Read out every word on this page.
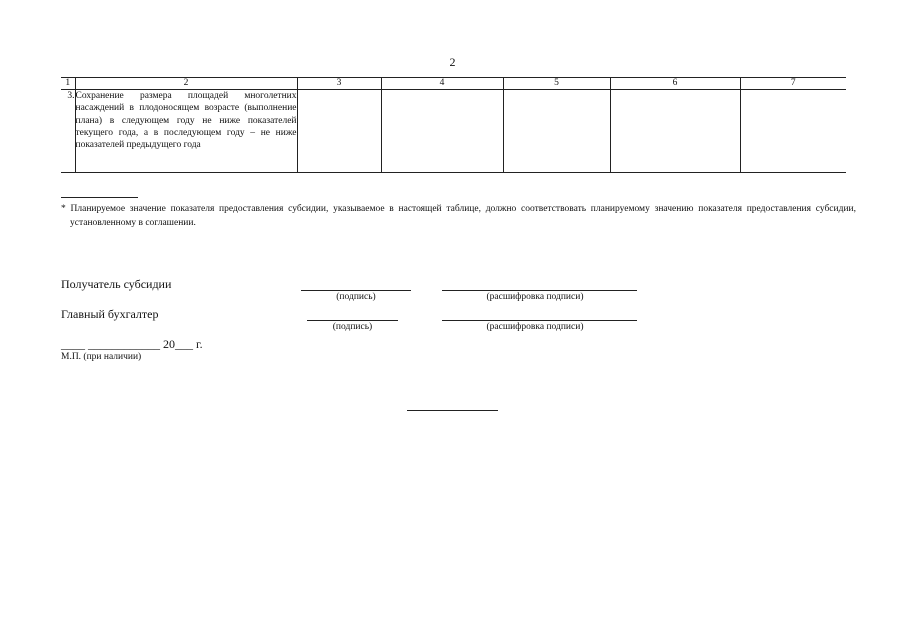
2
1	2	3	4	5	6	7
3.	Сохранение размера площадей многолетних насаждений в плодоносящем возрасте (выполнение плана) в следующем году не ниже показателей текущего года, а в последующем году – не ниже показателей предыдущего года					
* Планируемое значение показателя предоставления субсидии, указываемое в настоящей таблице, должно соответствовать планируемому значению показателя предоставления субсидии, установленному в соглашении.
Получатель субсидии
(подпись)	(расшифровка подписи)
Главный бухгалтер
(подпись)	(расшифровка подписи)
____ ____________ 20___ г.
М.П. (при наличии)
